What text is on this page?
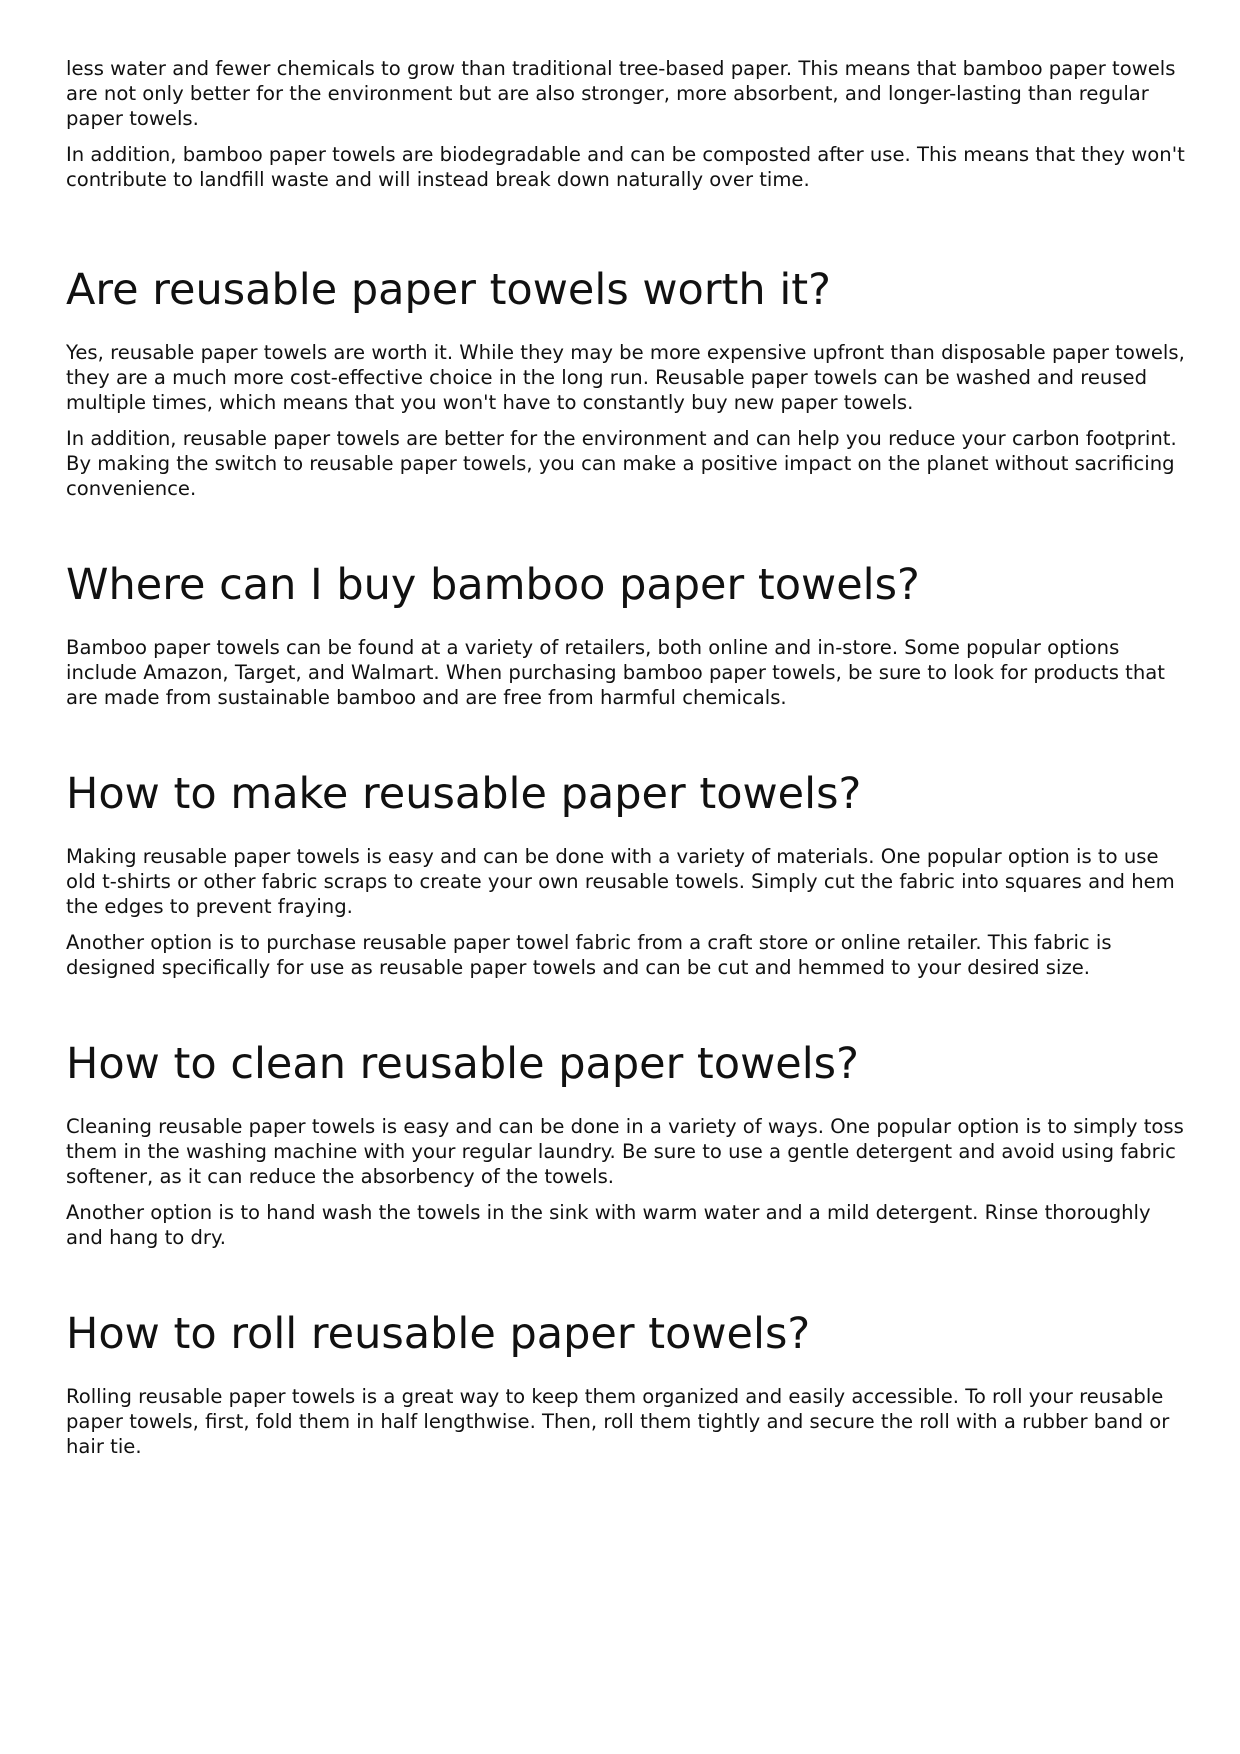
less water and fewer chemicals to grow than traditional tree-based paper. This means that bamboo paper towels are not only better for the environment but are also stronger, more absorbent, and longer-lasting than regular paper towels.

In addition, bamboo paper towels are biodegradable and can be composted after use. This means that they won't contribute to landfill waste and will instead break down naturally over time.

Are reusable paper towels worth it?

Yes, reusable paper towels are worth it. While they may be more expensive upfront than disposable paper towels, they are a much more cost-effective choice in the long run. Reusable paper towels can be washed and reused multiple times, which means that you won't have to constantly buy new paper towels.

In addition, reusable paper towels are better for the environment and can help you reduce your carbon footprint. By making the switch to reusable paper towels, you can make a positive impact on the planet without sacrificing convenience.

Where can I buy bamboo paper towels?

Bamboo paper towels can be found at a variety of retailers, both online and in-store. Some popular options include Amazon, Target, and Walmart. When purchasing bamboo paper towels, be sure to look for products that are made from sustainable bamboo and are free from harmful chemicals.

How to make reusable paper towels?

Making reusable paper towels is easy and can be done with a variety of materials. One popular option is to use old t-shirts or other fabric scraps to create your own reusable towels. Simply cut the fabric into squares and hem the edges to prevent fraying.

Another option is to purchase reusable paper towel fabric from a craft store or online retailer. This fabric is designed specifically for use as reusable paper towels and can be cut and hemmed to your desired size.

How to clean reusable paper towels?

Cleaning reusable paper towels is easy and can be done in a variety of ways. One popular option is to simply toss them in the washing machine with your regular laundry. Be sure to use a gentle detergent and avoid using fabric softener, as it can reduce the absorbency of the towels.

Another option is to hand wash the towels in the sink with warm water and a mild detergent. Rinse thoroughly and hang to dry.

How to roll reusable paper towels?

Rolling reusable paper towels is a great way to keep them organized and easily accessible. To roll your reusable paper towels, first, fold them in half lengthwise. Then, roll them tightly and secure the roll with a rubber band or hair tie.
